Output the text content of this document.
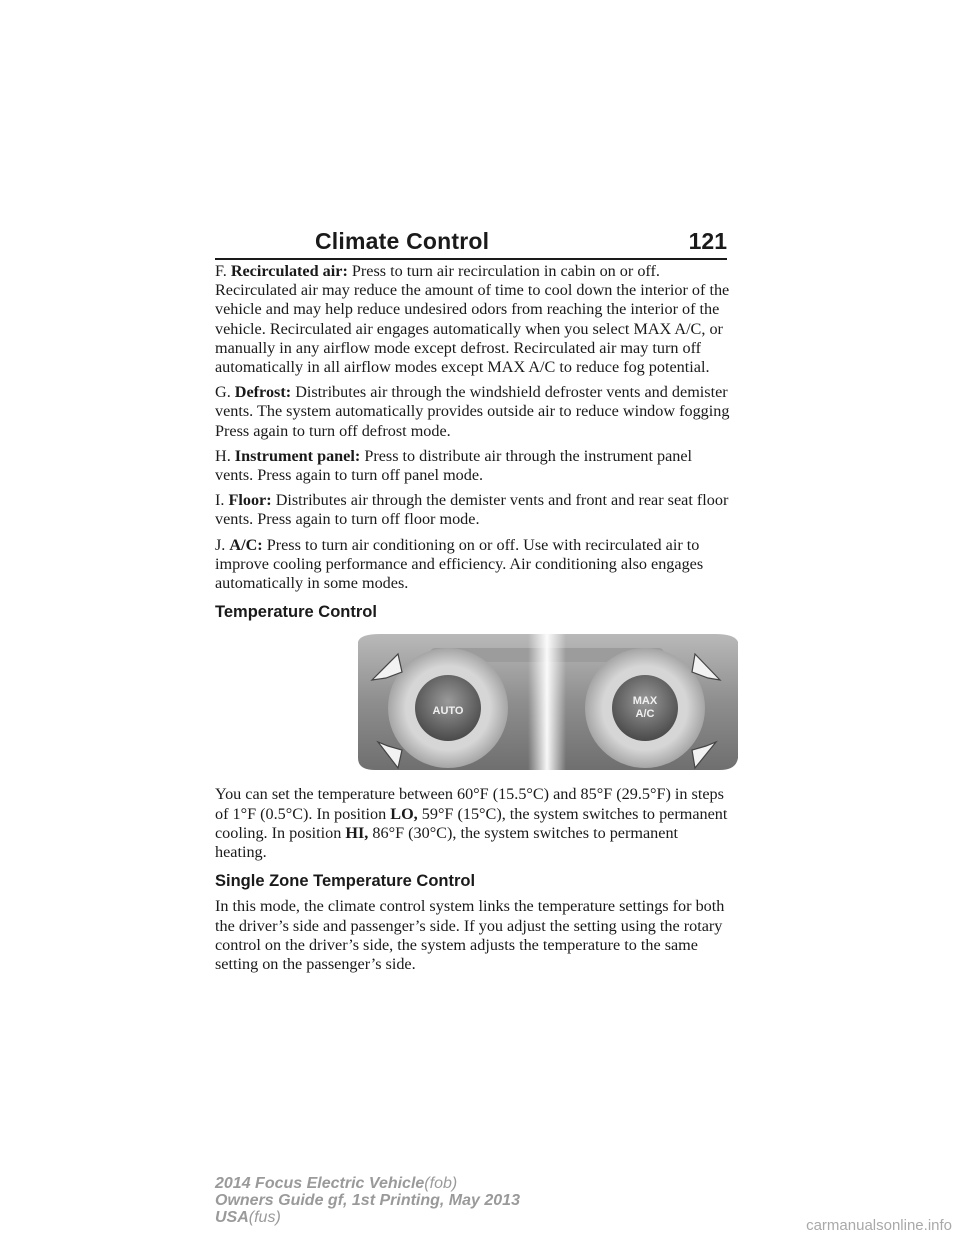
Climate Control	121

F. Recirculated air: Press to turn air recirculation in cabin on or off. Recirculated air may reduce the amount of time to cool down the interior of the vehicle and may help reduce undesired odors from reaching the interior of the vehicle. Recirculated air engages automatically when you select MAX A/C, or manually in any airflow mode except defrost. Recirculated air may turn off automatically in all airflow modes except MAX A/C to reduce fog potential.

G. Defrost: Distributes air through the windshield defroster vents and demister vents. The system automatically provides outside air to reduce window fogging Press again to turn off defrost mode.

H. Instrument panel: Press to distribute air through the instrument panel vents. Press again to turn off panel mode.

I. Floor: Distributes air through the demister vents and front and rear seat floor vents. Press again to turn off floor mode.

J. A/C: Press to turn air conditioning on or off. Use with recirculated air to improve cooling performance and efficiency. Air conditioning also engages automatically in some modes.

Temperature Control
AUTO
MAX
A/C

You can set the temperature between 60°F (15.5°C) and 85°F (29.5°F) in steps of 1°F (0.5°C). In position LO, 59°F (15°C), the system switches to permanent cooling. In position HI, 86°F (30°C), the system switches to permanent heating.

Single Zone Temperature Control

In this mode, the climate control system links the temperature settings for both the driver’s side and passenger’s side. If you adjust the setting using the rotary control on the driver’s side, the system adjusts the temperature to the same setting on the passenger’s side.

2014 Focus Electric Vehicle(fob)
Owners Guide gf, 1st Printing, May 2013
USA(fus)	carmanualsonline.info
